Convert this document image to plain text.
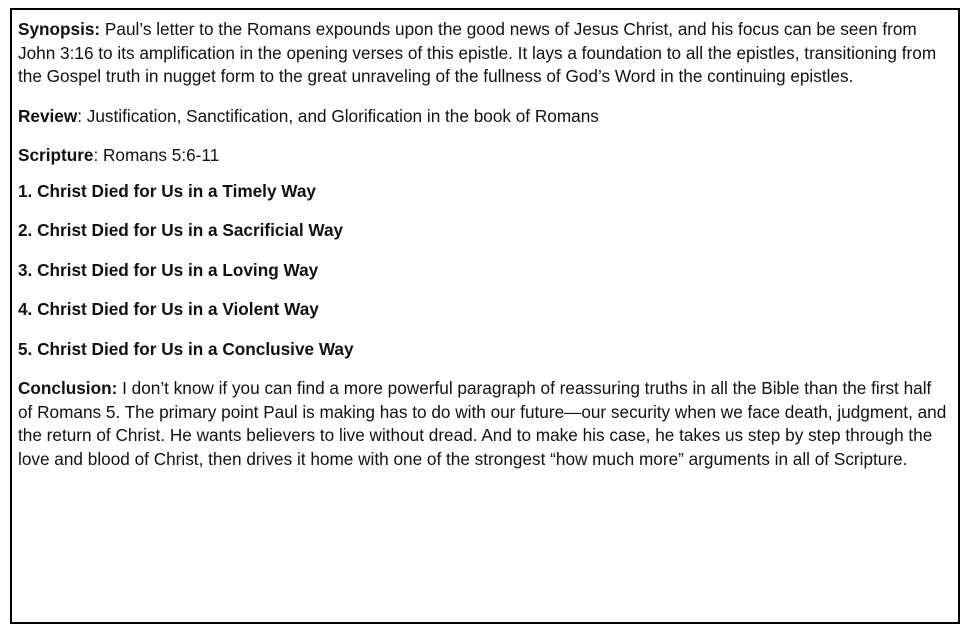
Synopsis: Paul’s letter to the Romans expounds upon the good news of Jesus Christ, and his focus can be seen from John 3:16 to its amplification in the opening verses of this epistle. It lays a foundation to all the epistles, transitioning from the Gospel truth in nugget form to the great unraveling of the fullness of God’s Word in the continuing epistles.

Review: Justification, Sanctification, and Glorification in the book of Romans

Scripture: Romans 5:6-11

1. Christ Died for Us in a Timely Way

2. Christ Died for Us in a Sacrificial Way

3. Christ Died for Us in a Loving Way

4. Christ Died for Us in a Violent Way

5. Christ Died for Us in a Conclusive Way

Conclusion: I don’t know if you can find a more powerful paragraph of reassuring truths in all the Bible than the first half of Romans 5. The primary point Paul is making has to do with our future—our security when we face death, judgment, and the return of Christ. He wants believers to live without dread. And to make his case, he takes us step by step through the love and blood of Christ, then drives it home with one of the strongest “how much more” arguments in all of Scripture.
